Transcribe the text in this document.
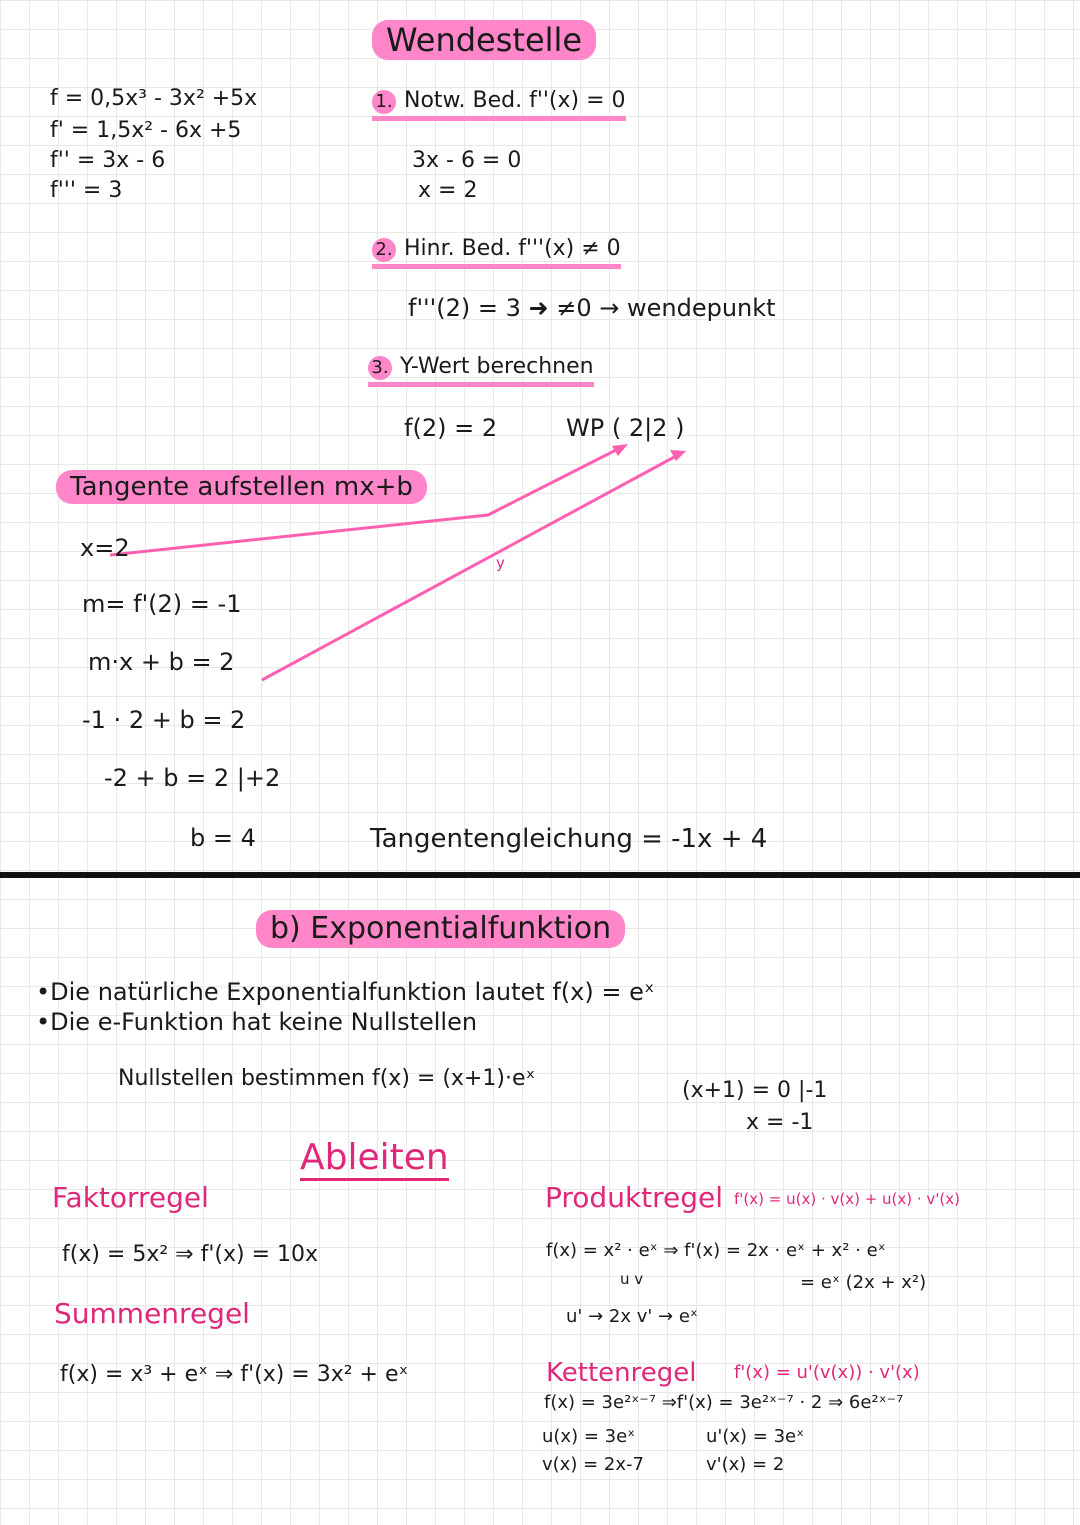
Wendestelle
f = 0,5x³ - 3x² +5x
f' = 1,5x² - 6x +5
f'' = 3x - 6
f''' = 3
1. Notw. Bed. f''(x) = 0
3x - 6 = 0
x = 2
2. Hinr. Bed. f'''(x) ≠ 0
f'''(2) = 3 ➜ ≠0 → wendepunkt
3. Y-Wert berechnen
f(2) = 2	WP ( 2|2 )
Tangente aufstellen mx+b
x=2
m= f'(2) = -1
m·x + b = 2
-1 · 2 + b = 2
-2 + b = 2 |+2
b = 4
y
Tangentengleichung = -1x + 4
b) Exponentialfunktion
•Die natürliche Exponentialfunktion lautet f(x) = eˣ
•Die e-Funktion hat keine Nullstellen
Nullstellen bestimmen f(x) = (x+1)·eˣ	(x+1) = 0 |-1
x = -1
Ableiten
Faktorregel
f(x) = 5x² ⇒ f'(x) = 10x
Summenregel
f(x) = x³ + eˣ ⇒ f'(x) = 3x² + eˣ
Produktregel f'(x) = u(x) · v(x) + u(x) · v'(x)
f(x) = x² · eˣ ⇒ f'(x) = 2x · eˣ + x² · eˣ
u v	= eˣ (2x + x²)
u' → 2x v' → eˣ
Kettenregel f'(x) = u'(v(x)) · v'(x)
f(x) = 3e²ˣ⁻⁷ ⇒f'(x) = 3e²ˣ⁻⁷ · 2 ⇒ 6e²ˣ⁻⁷
u(x) = 3eˣ	u'(x) = 3eˣ
v(x) = 2x-7	v'(x) = 2
